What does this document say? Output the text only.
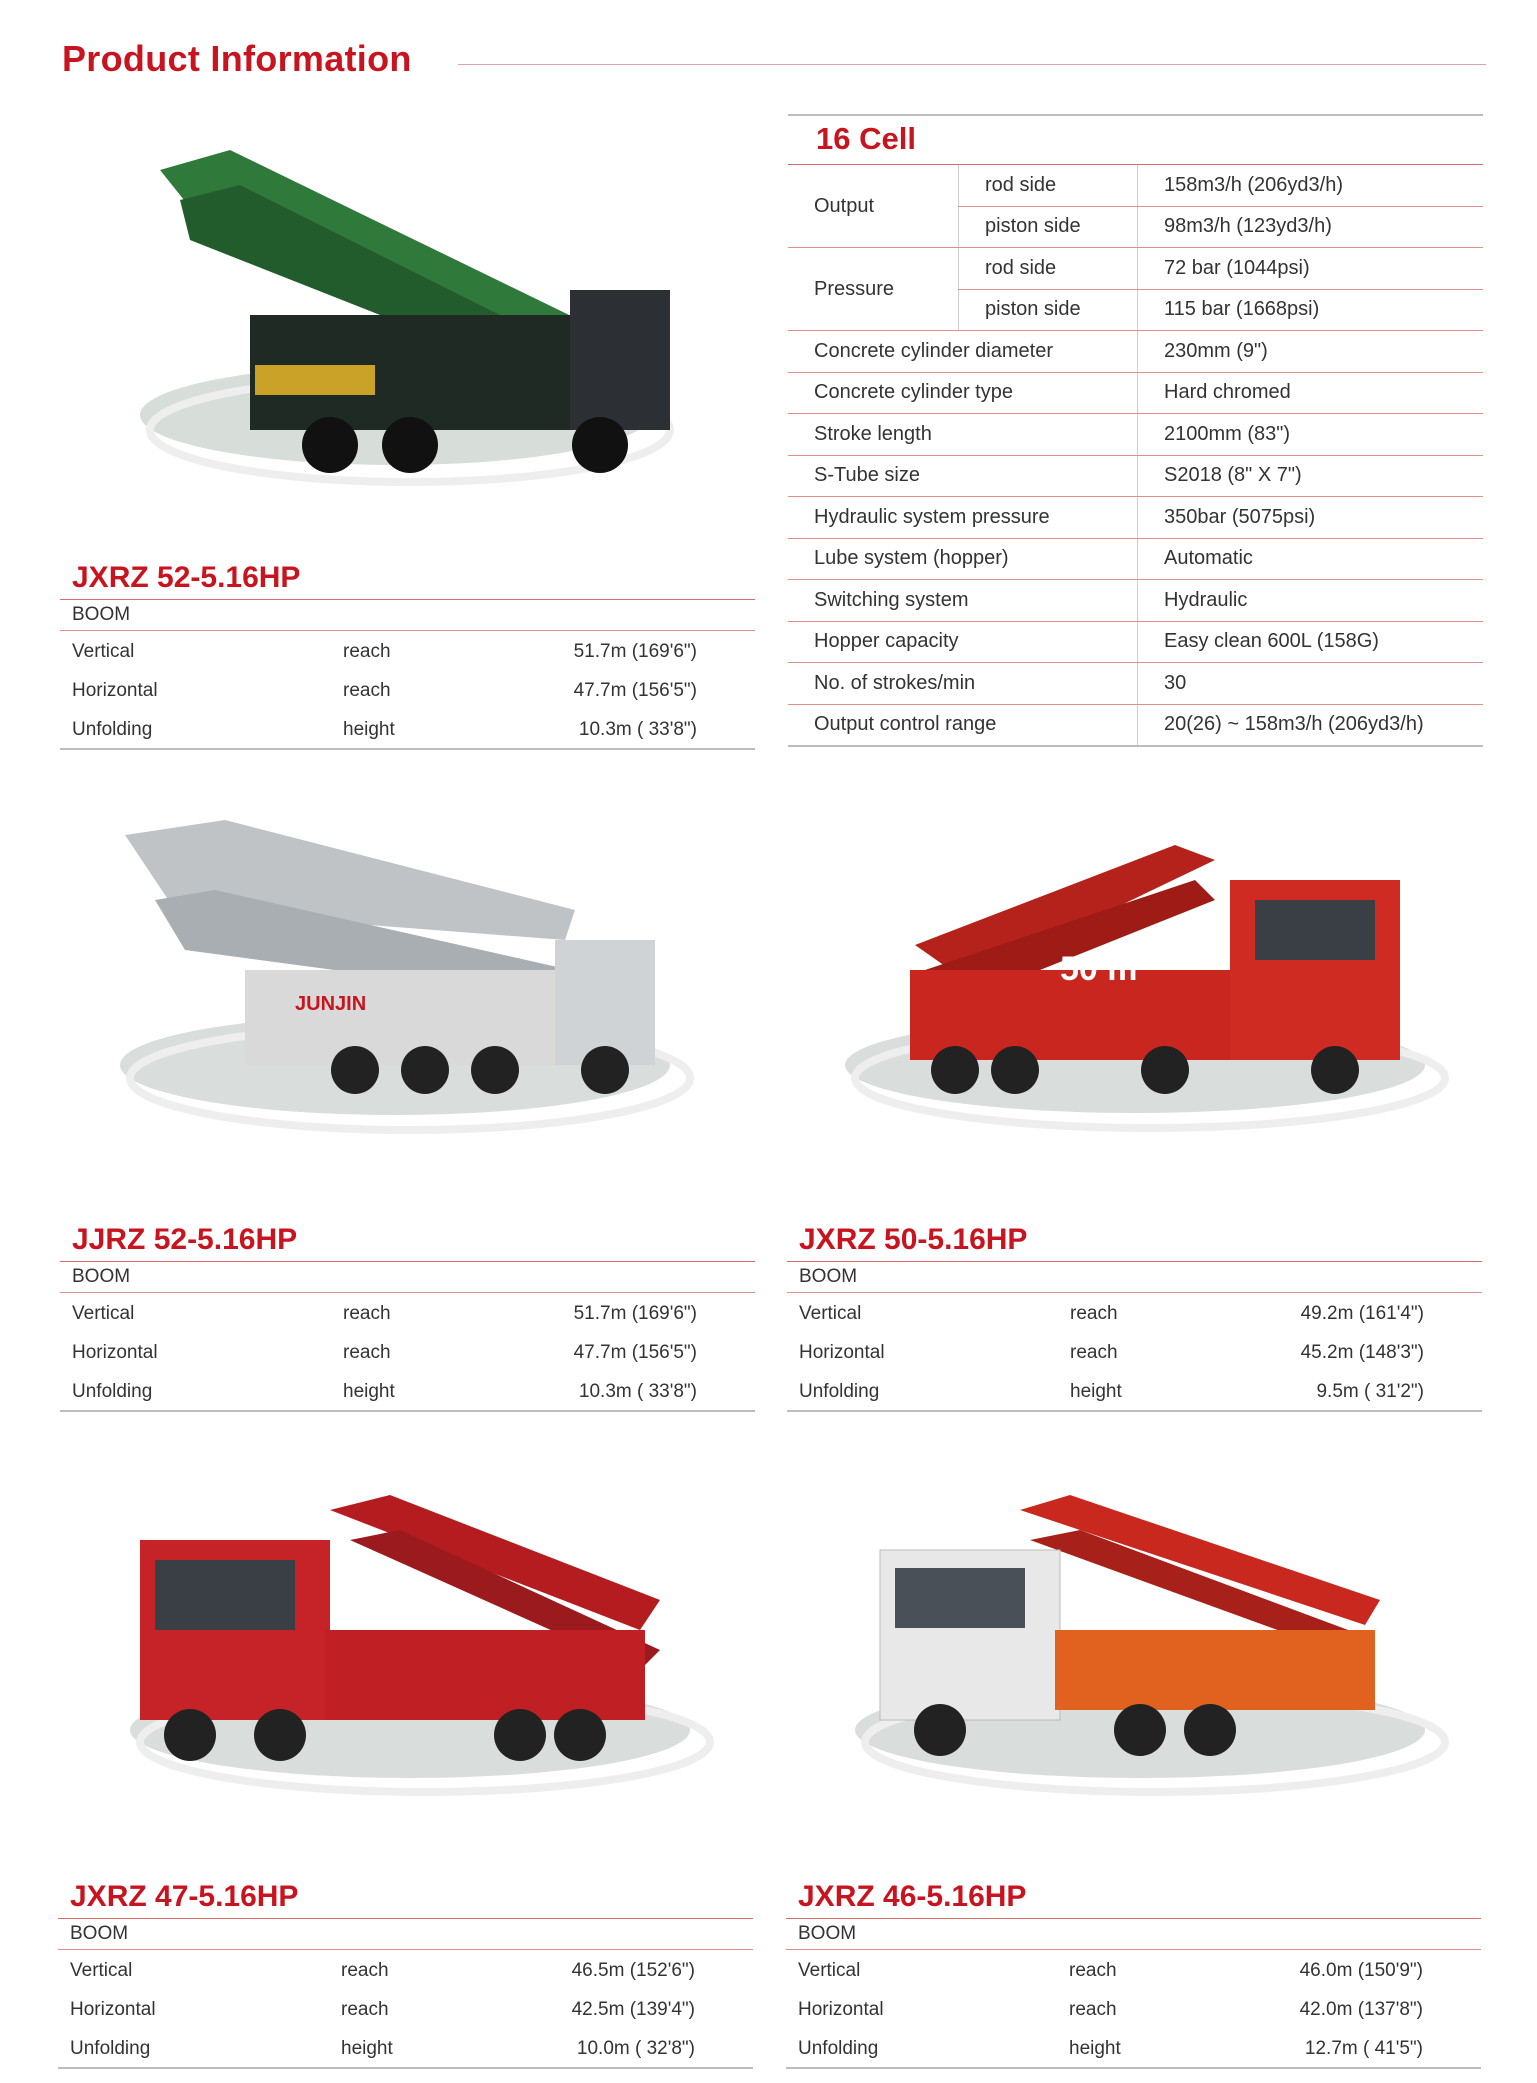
Product Information
JUNJIN
50 m
16 Cell
Output	rod side	158m3/h (206yd3/h)
	piston side	98m3/h (123yd3/h)
Pressure	rod side	72 bar (1044psi)
	piston side	115 bar (1668psi)
Concrete cylinder diameter		230mm (9")
Concrete cylinder type		Hard chromed
Stroke length		2100mm (83")
S-Tube size		S2018 (8" X 7")
Hydraulic system pressure		350bar (5075psi)
Lube system (hopper)		Automatic
Switching system		Hydraulic
Hopper capacity		Easy clean 600L (158G)
No. of strokes/min		30
Output control range		20(26) ~ 158m3/h (206yd3/h)
JXRZ 52-5.16HP
BOOM
Vertical	reach	51.7m (169'6")
Horizontal	reach	47.7m (156'5")
Unfolding	height	10.3m ( 33'8")
JJRZ 52-5.16HP
BOOM
Vertical	reach	51.7m (169'6")
Horizontal	reach	47.7m (156'5")
Unfolding	height	10.3m ( 33'8")
JXRZ 50-5.16HP
BOOM
Vertical	reach	49.2m (161'4")
Horizontal	reach	45.2m (148'3")
Unfolding	height	9.5m ( 31'2")
JXRZ 47-5.16HP
BOOM
Vertical	reach	46.5m (152'6")
Horizontal	reach	42.5m (139'4")
Unfolding	height	10.0m ( 32'8")
JXRZ 46-5.16HP
BOOM
Vertical	reach	46.0m (150'9")
Horizontal	reach	42.0m (137'8")
Unfolding	height	12.7m ( 41'5")
